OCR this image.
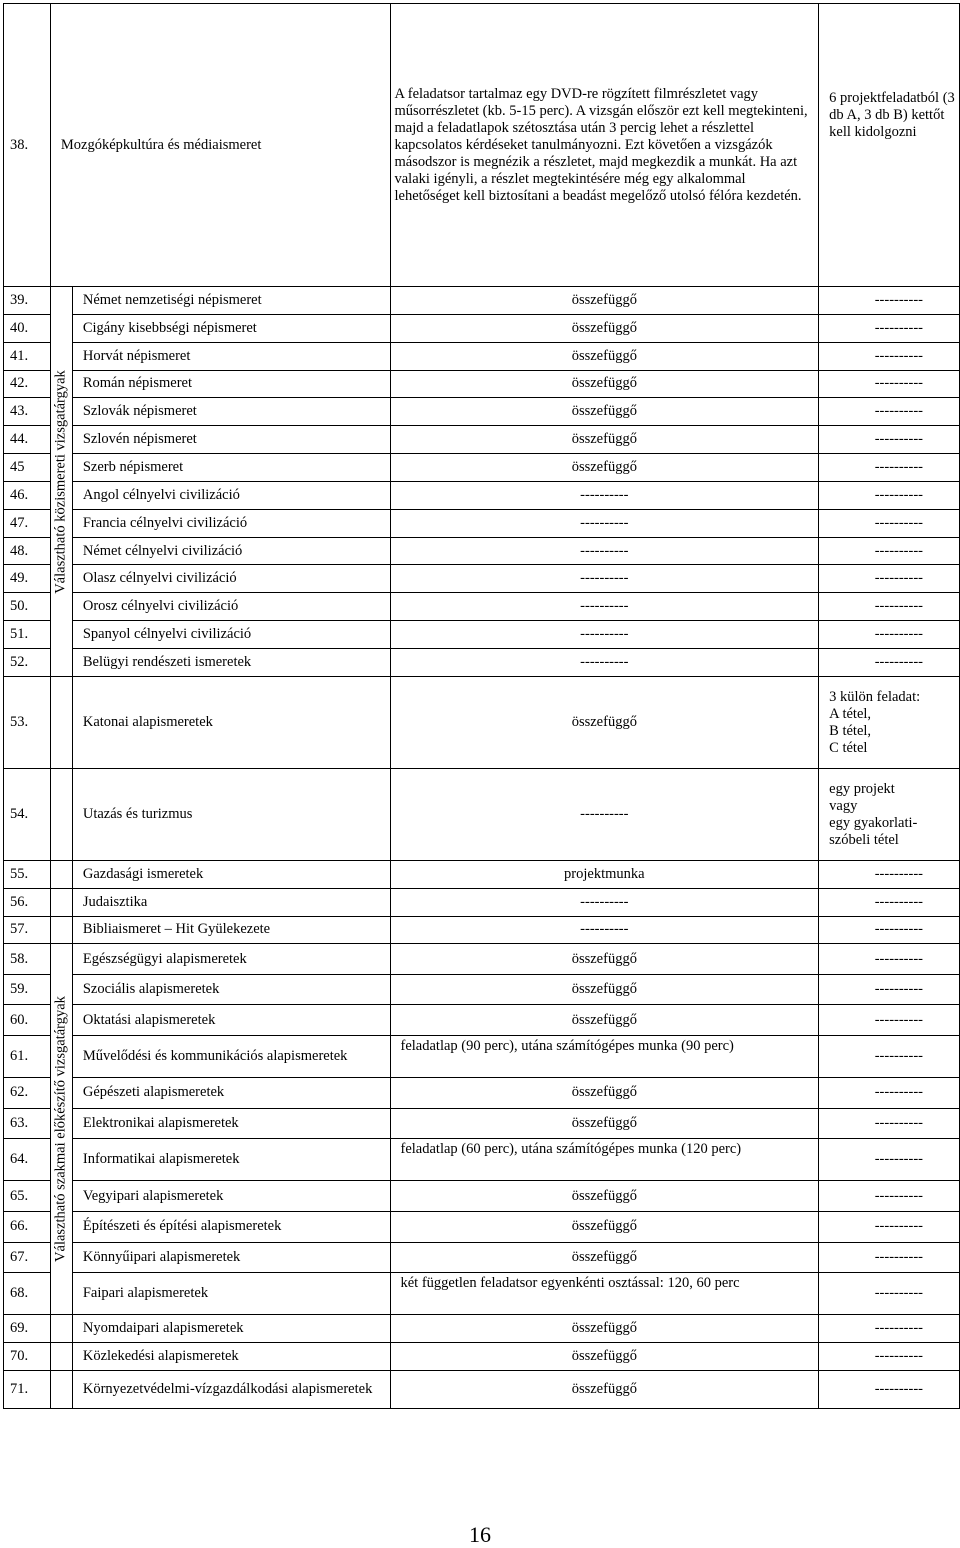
38.	Mozgóképkultúra és médiaismeret		A feladatsor tartalmaz egy DVD-re rögzített filmrészletet vagy műsorrészletet (kb. 5-15 perc). A vizsgán először ezt kell megtekinteni, majd a feladatlapok szétosztása után 3 percig lehet a részlettel kapcsolatos kérdéseket tanulmányozni. Ezt követően a vizsgázók másodszor is megnézik a részletet, majd megkezdik a munkát. Ha azt valaki igényli, a részlet megtekintésére még egy alkalommal lehetőséget kell biztosítani a beadást megelőző utolsó félóra kezdetén.	6 projektfeladatból (3 db A, 3 db B) kettőt kell kidolgozni
39.	Választható közismereti vizsgatárgyak	Német nemzetiségi népismeret	összefüggő	----------
40.		Cigány kisebbségi népismeret	összefüggő	----------
41.		Horvát népismeret	összefüggő	----------
42.		Román népismeret	összefüggő	----------
43.		Szlovák népismeret	összefüggő	----------
44.		Szlovén népismeret	összefüggő	----------
45		Szerb népismeret	összefüggő	----------
46.		Angol célnyelvi civilizáció	----------	----------
47.		Francia célnyelvi civilizáció	----------	----------
48.		Német célnyelvi civilizáció	----------	----------
49.		Olasz célnyelvi civilizáció	----------	----------
50.		Orosz célnyelvi civilizáció	----------	----------
51.		Spanyol célnyelvi civilizáció	----------	----------
52.		Belügyi rendészeti ismeretek	----------	----------
53.		Katonai alapismeretek	összefüggő	3 külön feladat:
A tétel,
B tétel,
C tétel

54.		Utazás és turizmus	----------	egy projekt
vagy
egy gyakorlati-
szóbeli tétel

55.		Gazdasági ismeretek	projektmunka	----------
56.		Judaisztika	----------	----------
57.		Bibliaismeret – Hit Gyülekezete	----------	----------
58.	Választható szakmai előkészítő vizsgatárgyak	Egészségügyi alapismeretek	összefüggő	----------
59.		Szociális alapismeretek	összefüggő	----------
60.		Oktatási alapismeretek	összefüggő	----------
61.		Művelődési és kommunikációs alapismeretek	feladatlap (90 perc), utána számítógépes munka (90 perc)	----------
62.		Gépészeti alapismeretek	összefüggő	----------
63.		Elektronikai alapismeretek	összefüggő	----------
64.		Informatikai alapismeretek	feladatlap (60 perc), utána számítógépes munka (120 perc)	----------
65.		Vegyipari alapismeretek	összefüggő	----------
66.		Építészeti és építési alapismeretek	összefüggő	----------
67.		Könnyűipari alapismeretek	összefüggő	----------
68.		Faipari alapismeretek	két független feladatsor egyenkénti osztással: 120, 60 perc	----------
69.		Nyomdaipari alapismeretek	összefüggő	----------
70.		Közlekedési alapismeretek	összefüggő	----------
71.		Környezetvédelmi-vízgazdálkodási alapismeretek	összefüggő	----------
16
